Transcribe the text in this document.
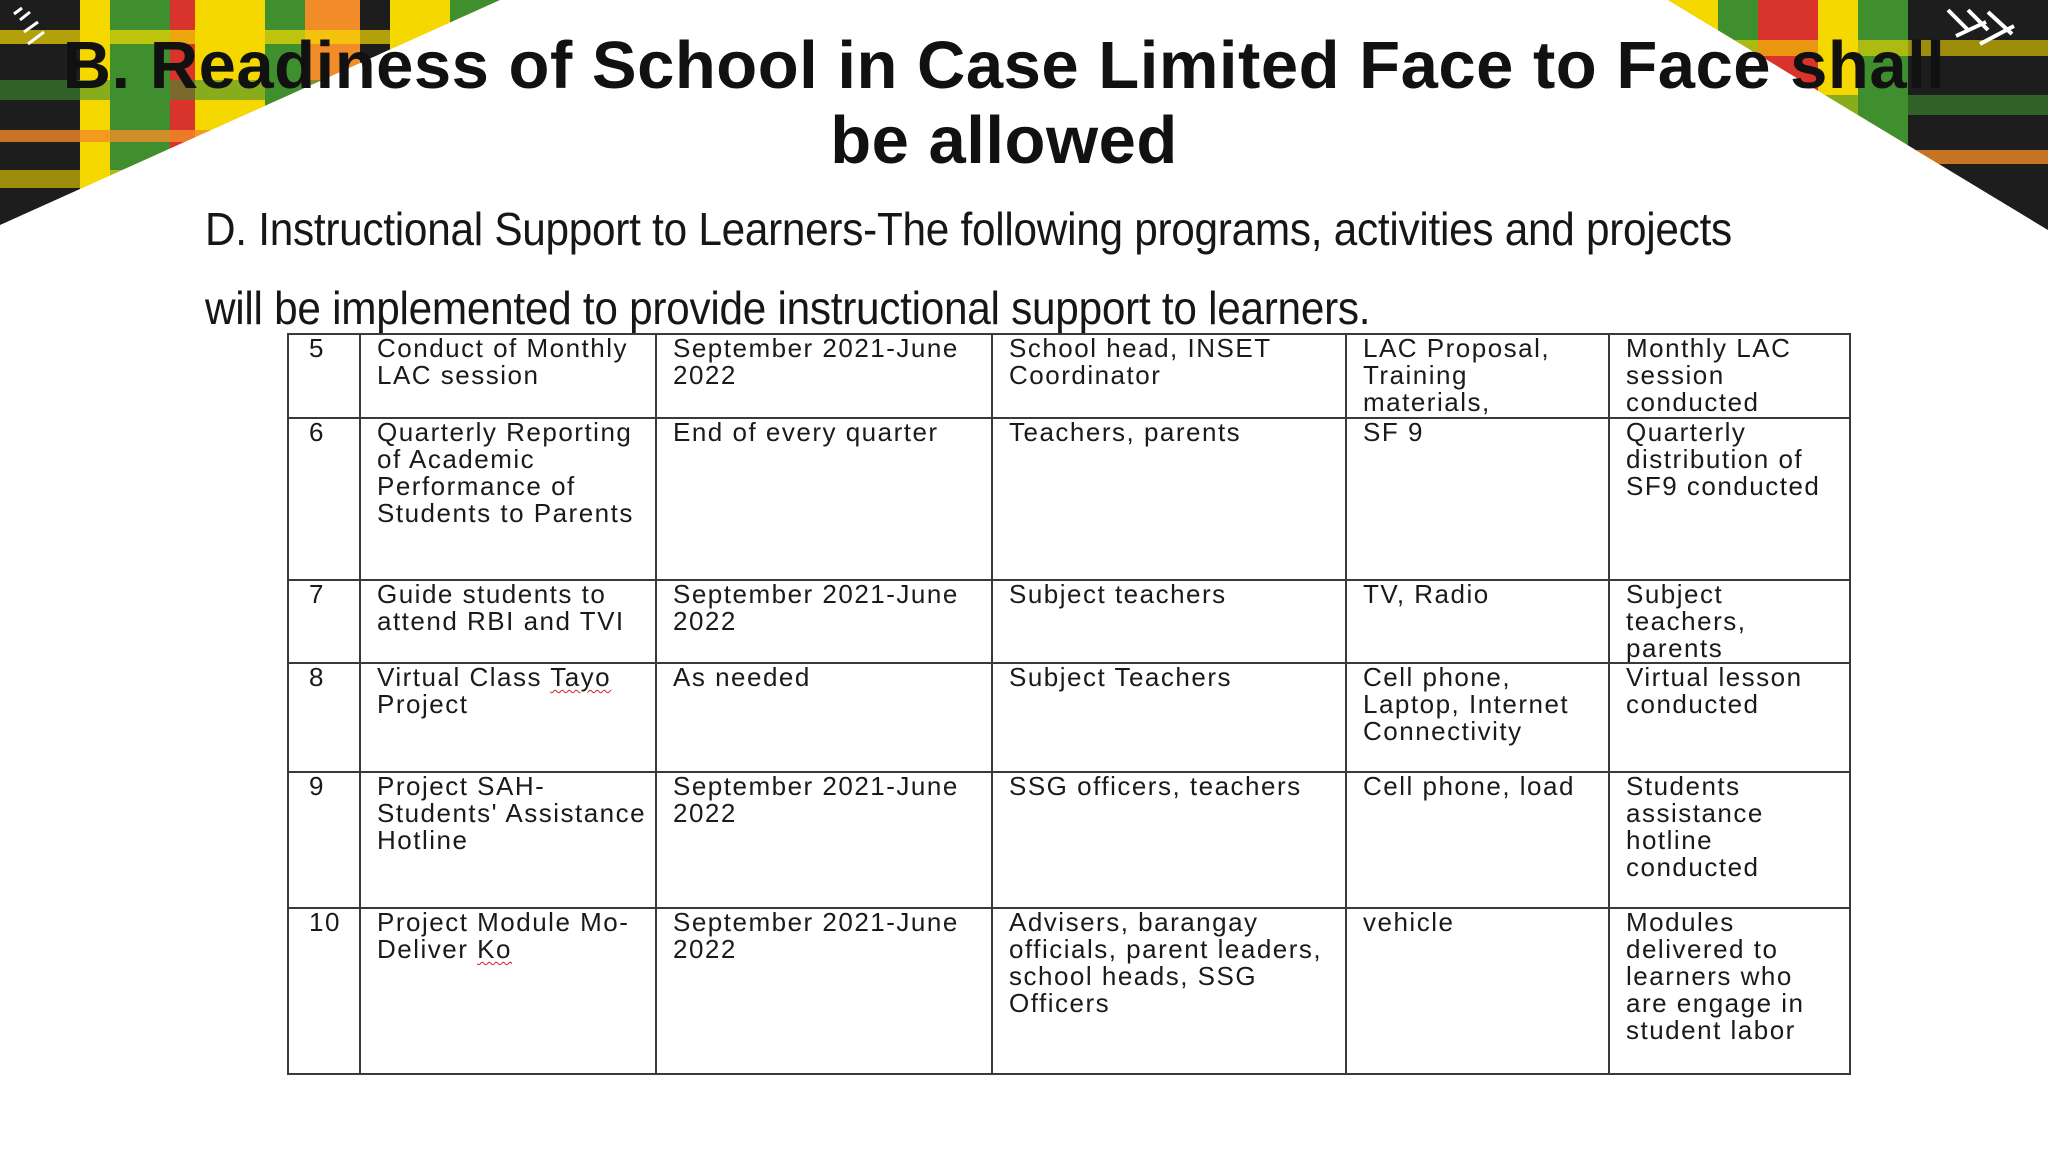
B. Readiness of School in Case Limited Face to Face shall be allowed

D. Instructional Support to Learners-The following programs, activities and projects will be implemented to provide instructional support to learners.

5	Conduct of Monthly LAC session	September 2021-June 2022	School head, INSET Coordinator	LAC Proposal, Training materials,	Monthly LAC session conducted
6	Quarterly Reporting of Academic Performance of Students to Parents	End of every quarter	Teachers, parents	SF 9	Quarterly distribution of SF9 conducted
7	Guide students to attend RBI and TVI	September 2021-June 2022	Subject teachers	TV, Radio	Subject teachers, parents
8	Virtual Class Tayo Project	As needed	Subject Teachers	Cell phone, Laptop, Internet Connectivity	Virtual lesson conducted
9	Project SAH-Students' Assistance Hotline	September 2021-June 2022	SSG officers, teachers	Cell phone, load	Students assistance hotline conducted
10	Project Module Mo- Deliver Ko	September 2021-June 2022	Advisers, barangay officials, parent leaders, school heads, SSG Officers	vehicle	Modules delivered to learners who are engage in student labor
